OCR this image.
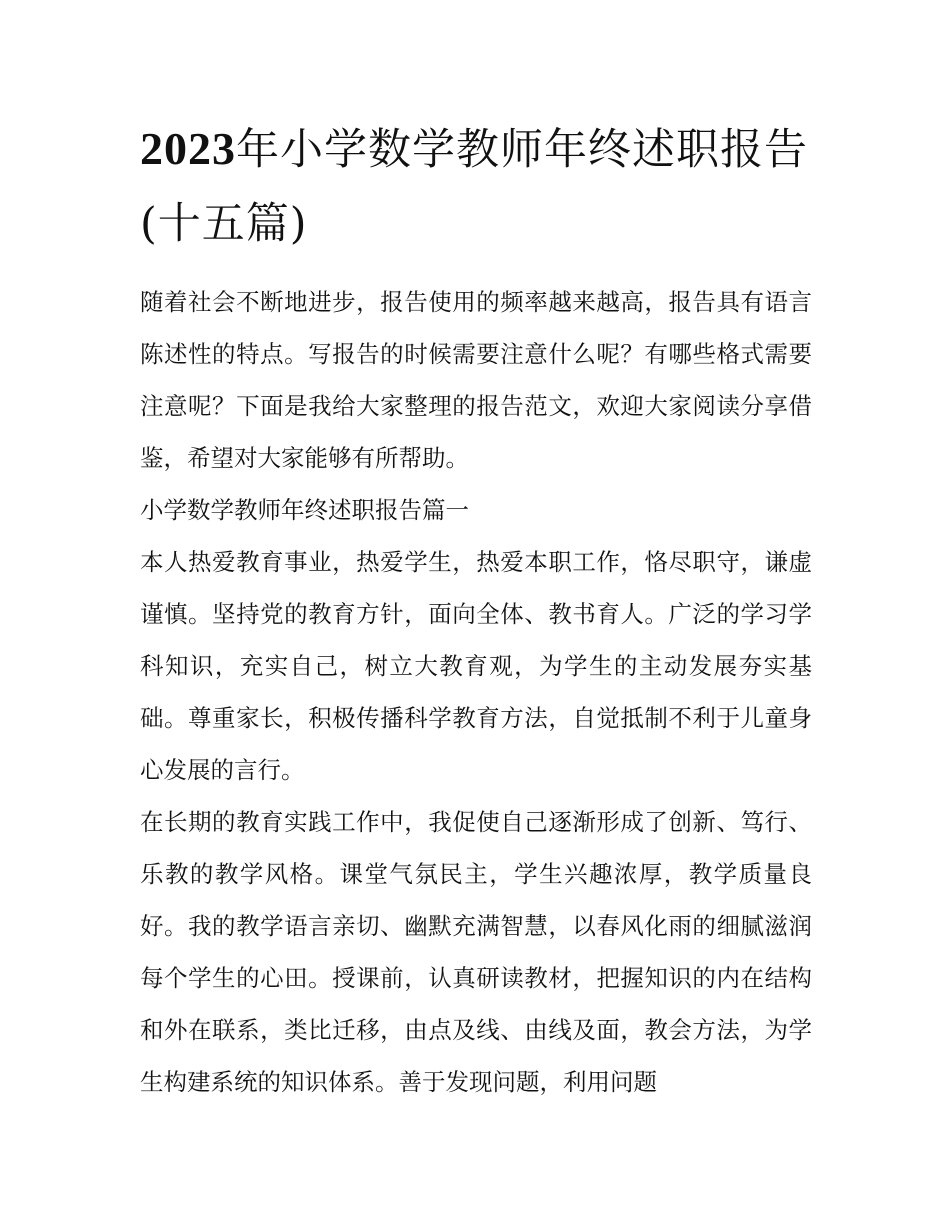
2023年小学数学教师年终述职报告(十五篇)

随着社会不断地进步，报告使用的频率越来越高，报告具有语言陈述性的特点。写报告的时候需要注意什么呢？有哪些格式需要注意呢？下面是我给大家整理的报告范文，欢迎大家阅读分享借鉴，希望对大家能够有所帮助。

小学数学教师年终述职报告篇一

本人热爱教育事业，热爱学生，热爱本职工作，恪尽职守，谦虚谨慎。坚持党的教育方针，面向全体、教书育人。广泛的学习学科知识，充实自己，树立大教育观，为学生的主动发展夯实基础。尊重家长，积极传播科学教育方法，自觉抵制不利于儿童身心发展的言行。

在长期的教育实践工作中，我促使自己逐渐形成了创新、笃行、乐教的教学风格。课堂气氛民主，学生兴趣浓厚，教学质量良好。我的教学语言亲切、幽默充满智慧，以春风化雨的细腻滋润每个学生的心田。授课前，认真研读教材，把握知识的内在结构和外在联系，类比迁移，由点及线、由线及面，教会方法，为学生构建系统的知识体系。善于发现问题，利用问题
